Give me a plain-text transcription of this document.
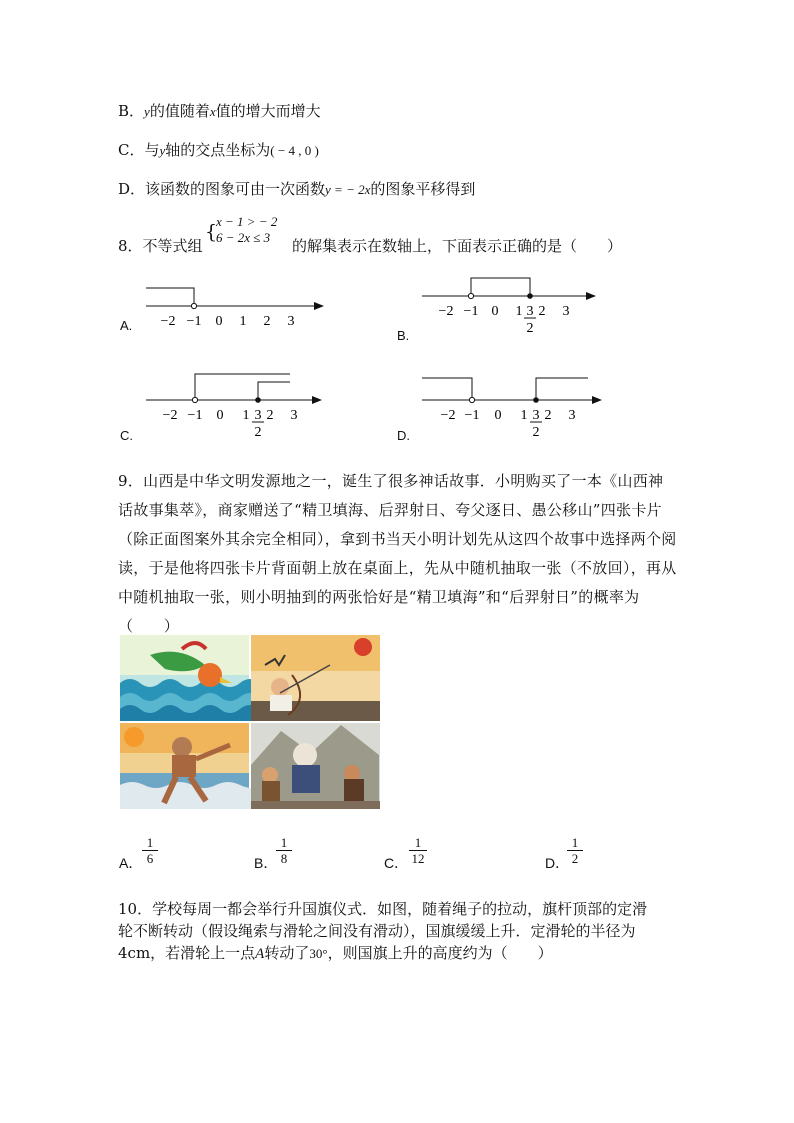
B．y的值随着x值的增大而增大
C．与y轴的交点坐标为( − 4 , 0 )
D．该函数的图象可由一次函数y = − 2x的图象平移得到
8．不等式组
{
x − 1 > − 2
6 − 2x ≤ 3	的解集表示在数轴上，下面表示正确的是（　　）
A. −2 −1 0 1 2 3
B.
−2 −1 0 1 3
2
2 3
C.
−2 −1 0 1 3
2
2 3
D.
−2 −1 0 1 3
2
2 3
9．山西是中华文明发源地之一，诞生了很多神话故事．小明购买了一本《山西神话故事集萃》，商家赠送了“精卫填海、后羿射日、夸父逐日、愚公移山”四张卡片（除正面图案外其余完全相同），拿到书当天小明计划先从这四个故事中选择两个阅读，于是他将四张卡片背面朝上放在桌面上，先从中随机抽取一张（不放回），再从中随机抽取一张，则小明抽到的两张恰好是“精卫填海”和“后羿射日”的概率为（　　）
A． $\frac{1}{6}$	B．
$\frac{1}{8}$	C． $\frac{1}{12}$	D．
$\frac{1}{2}$
10．学校每周一都会举行升国旗仪式．如图，随着绳子的拉动，旗杆顶部的定滑
轮不断转动（假设绳索与滑轮之间没有滑动），国旗缓缓上升．定滑轮的半径为
4cm，若滑轮上一点A转动了30°，则国旗上升的高度约为（　　）
